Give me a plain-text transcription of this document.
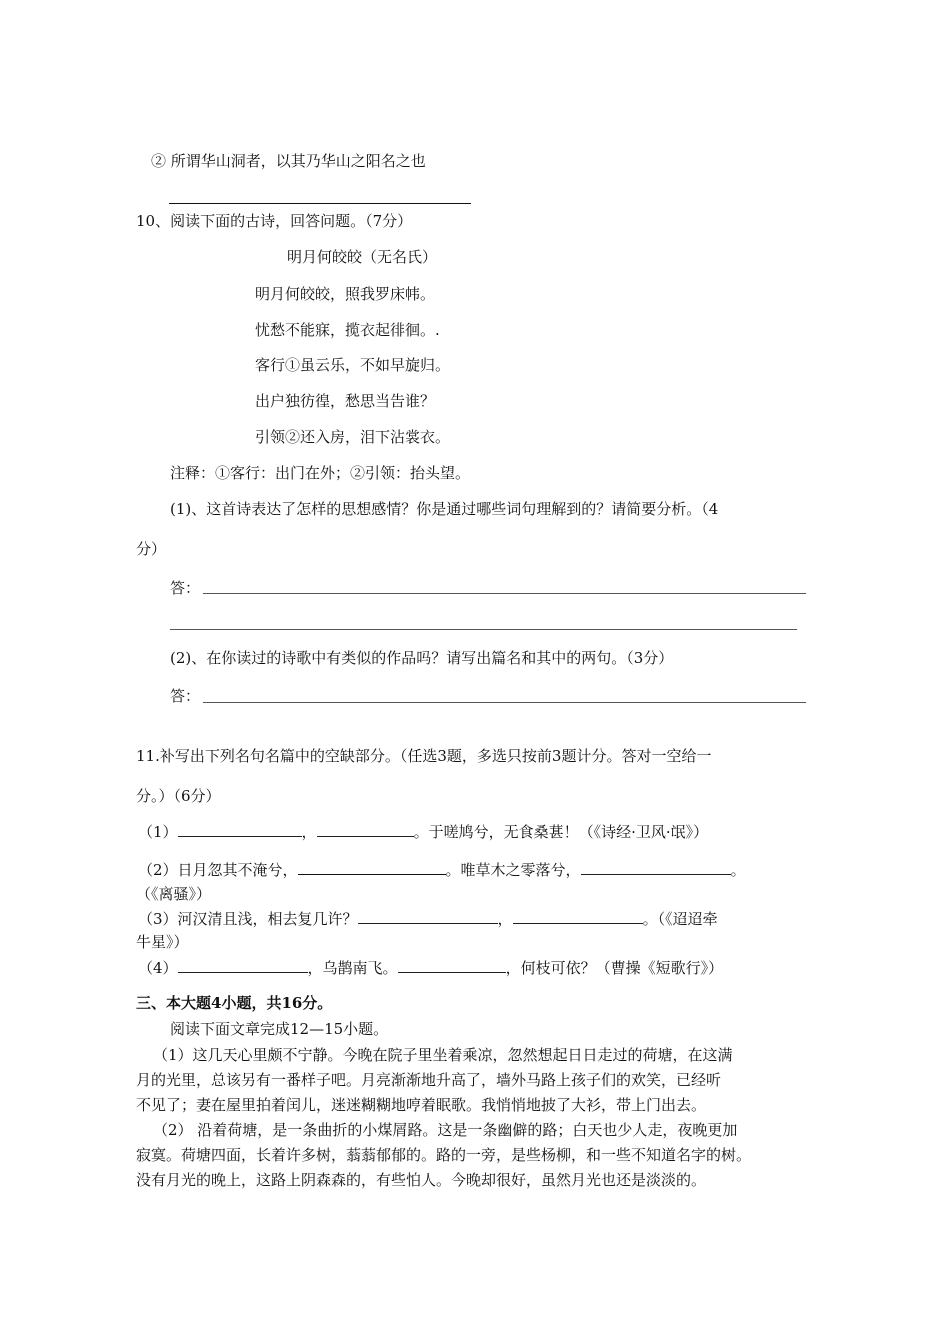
② 所谓华山洞者，以其乃华山之阳名之也
10、阅读下面的古诗，回答问题。（7分）
明月何皎皎（无名氏）
明月何皎皎，照我罗床帏。
忧愁不能寐，揽衣起徘徊。.
客行①虽云乐，不如早旋归。
出户独彷徨，愁思当告谁？
引领②还入房，泪下沾裳衣。
注释：①客行：出门在外；②引领：抬头望。
(1)、这首诗表达了怎样的思想感情？你是通过哪些词句理解到的？请简要分析。（4
分）
答：
(2)、在你读过的诗歌中有类似的作品吗？请写出篇名和其中的两句。（3分）
答：
11.补写出下列名句名篇中的空缺部分。（任选3题，多选只按前3题计分。答对一空给一
分。）（6分）
（1）	，	。于嗟鸠兮，无食桑葚！（《诗经·卫风·氓》）
（2）日月忽其不淹兮，	。唯草木之零落兮，	。
（《离骚》）
（3）河汉清且浅，相去复几许？	，	。（《迢迢牵
牛星》）
（4）	，乌鹊南飞。	，何枝可依？（曹操《短歌行》）
三、本大题4小题，共16分。
阅读下面文章完成12—15小题。
（1）这几天心里颇不宁静。今晚在院子里坐着乘凉，忽然想起日日走过的荷塘，在这满
月的光里，总该另有一番样子吧。月亮渐渐地升高了，墙外马路上孩子们的欢笑，已经听
不见了；妻在屋里拍着闰儿，迷迷糊糊地哼着眠歌。我悄悄地披了大衫，带上门出去。
（2） 沿着荷塘，是一条曲折的小煤屑路。这是一条幽僻的路；白天也少人走，夜晚更加
寂寞。荷塘四面，长着许多树，蓊蓊郁郁的。路的一旁，是些杨柳，和一些不知道名字的树。
没有月光的晚上，这路上阴森森的，有些怕人。今晚却很好，虽然月光也还是淡淡的。
